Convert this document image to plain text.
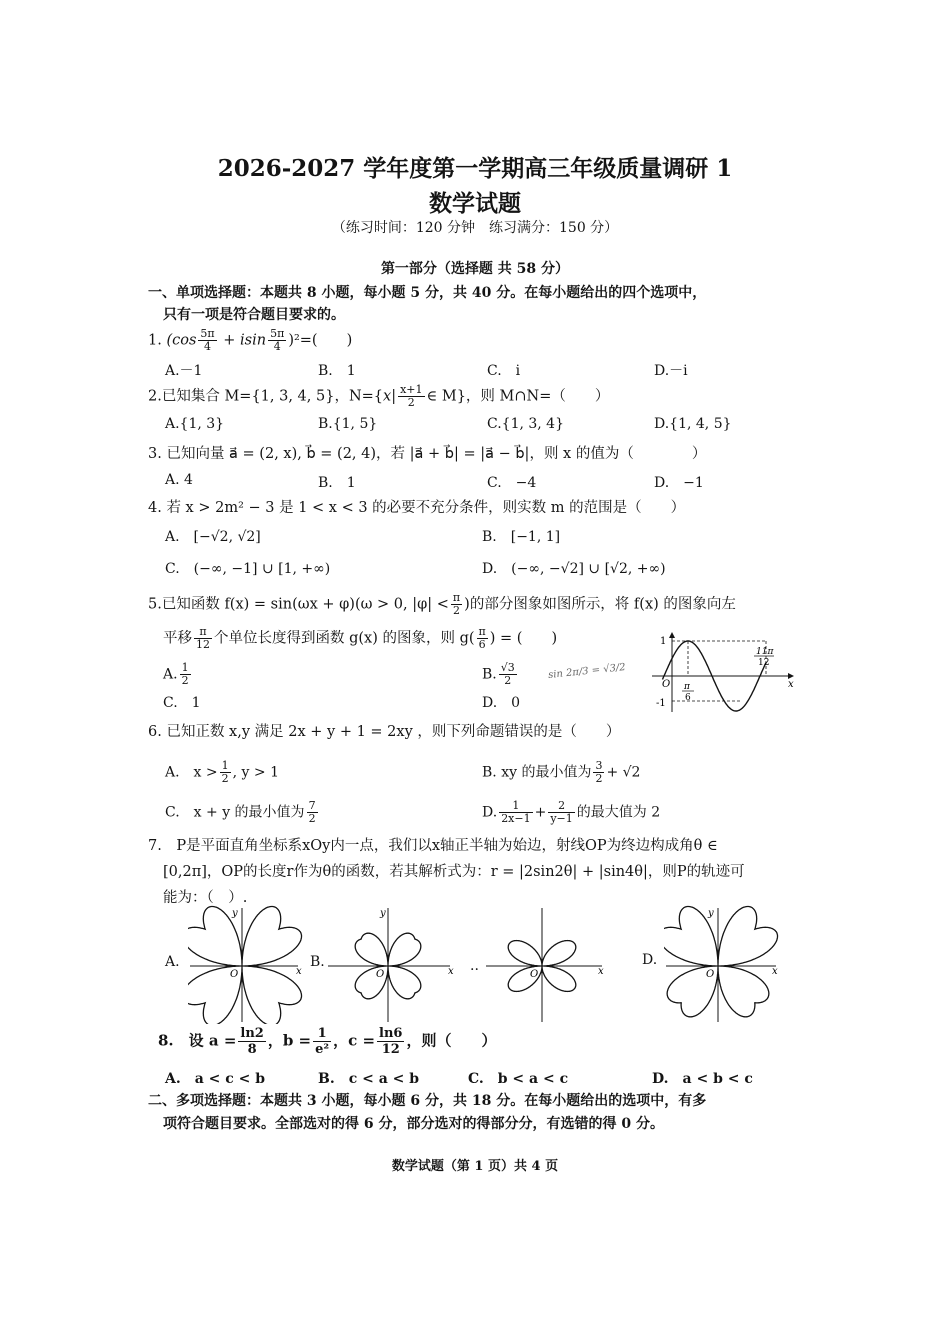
2026-2027 学年度第一学期高三年级质量调研 1
数学试题
（练习时间：120 分钟　练习满分：150 分）
第一部分（选择题 共 58 分）
一、单项选择题：本题共 8 小题，每小题 5 分，共 40 分。在每小题给出的四个选项中，
只有一项是符合题目要求的。
1. $(\cos \frac{5\pi}{4} + isin \frac{5\pi}{4} )^2=$(　　)
A.－1	B.　1	C.　i	D.－i
2.已知集合 M={1, 3, 4, 5}，$N=\{x| \frac{x+1}{2}$ ∈ M}，则 M∩N=（　　）
A.{1, 3}	B.{1, 5}	C.{1, 3, 4}	D.{1, 4, 5}
3. 已知向量 a⃗ = (2, x), b⃗ = (2, 4)，若 |a⃗ + b⃗| = |a⃗ − b⃗|，则 x 的值为（　　　　）
A. 4	B.　1	C.　−4	D.　−1
4. 若 x > 2m² − 3 是 1 < x < 3 的必要不充分条件，则实数 m 的范围是（　　）
A.　[−√2, √2]	B.　[−1, 1]
C.　(−∞, −1] ∪ [1, +∞)	D.　(−∞, −√2] ∪ [√2, +∞)
5.已知函数 f(x) = sin(ωx + φ)(ω > 0, $|\varphi| < \frac{\pi}{2}$ )的部分图象如图所示，将 f(x) 的图象向左
平移 $\frac{\pi}{12}$ 个单位长度得到函数 g(x) 的图象，则 $g( \frac{\pi}{6}$ ) = (　　)
A. $\frac{1}{2}$	B. $\frac{√3}{2}$	sin 2π/3 = √3/2
C.　1	D.　0
1
-1
O π
6
11π
12
x
6. 已知正数 x,y 满足 2x + y + 1 = 2xy ，则下列命题错误的是（　　）
A.　$x > \frac{1}{2}$ , y > 1	B. xy 的最小值为 $\frac{3}{2} + √2$
C.　x + y 的最小值为 $\frac{7}{2}$	D. $\frac{1}{2x-1} + \frac{2}{y-1}$ 的最大值为 2
7.　P是平面直角坐标系xOy内一点，我们以x轴正半轴为始边，射线OP为终边构成角θ ∈
[0,2π]，OP的长度r作为θ的函数，若其解析式为：r = |2sin2θ| + |sin4θ|，则P的轨迹可
能为：（　）.
A.	B.	..	D.
O	x
y
O	x
y
O	x	O	x
y
8.　设 $a = \frac{\ln 2}{8}$ ，$b = \frac{1}{\text{e²}}$ ，$c = \frac{\ln 6}{12}$ ，则（　　）
A.　a < c < b	B.　c < a < b	C.　b < a < c	D.　a < b < c
二、多项选择题：本题共 3 小题，每小题 6 分，共 18 分。在每小题给出的选项中，有多
项符合题目要求。全部选对的得 6 分，部分选对的得部分分，有选错的得 0 分。
数学试题（第 1 页）共 4 页
